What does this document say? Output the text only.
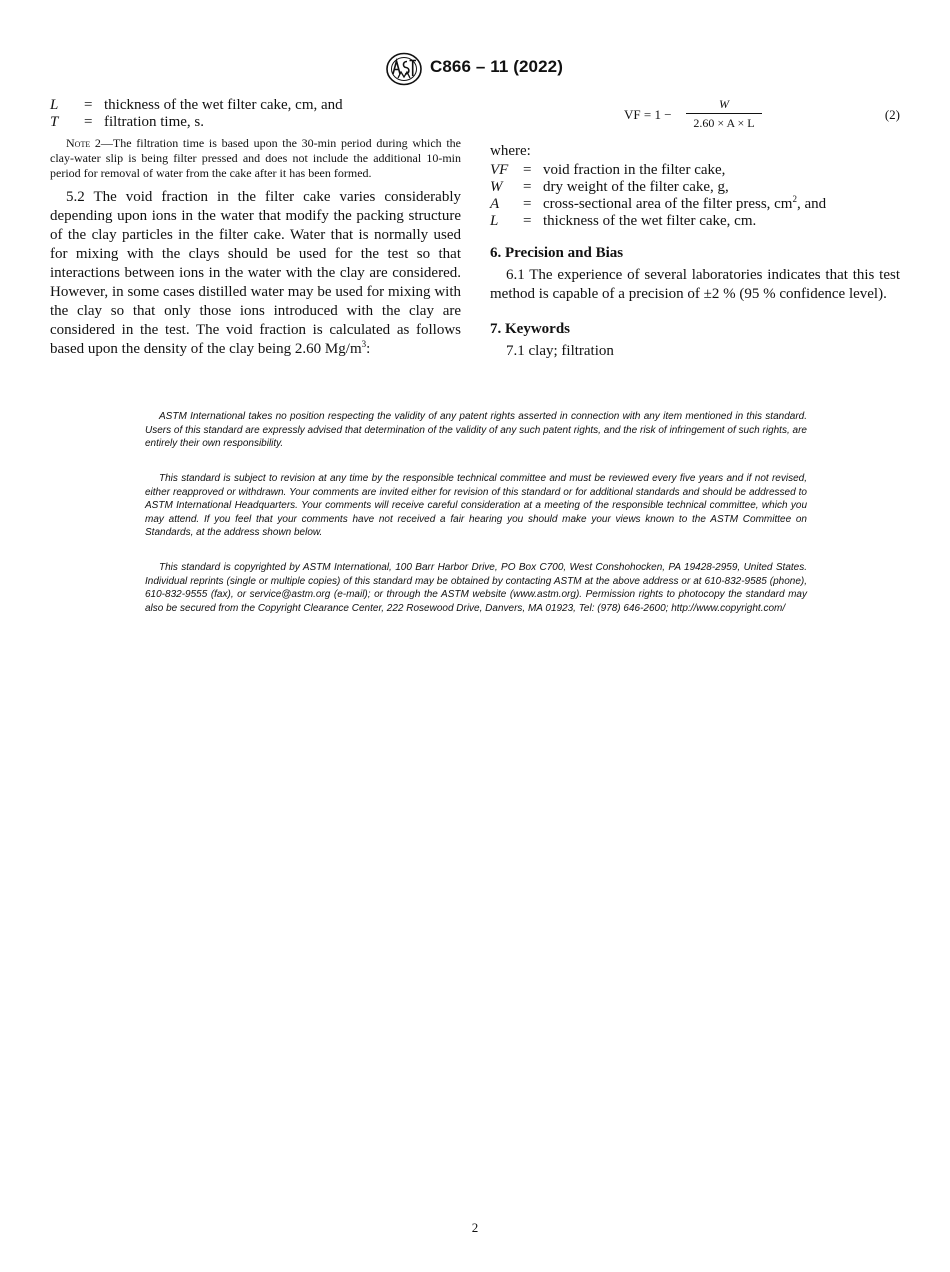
C866 – 11 (2022)
L = thickness of the wet filter cake, cm, and
T = filtration time, s.

Note 2—The filtration time is based upon the 30-min period during which the clay-water slip is being filter pressed and does not include the additional 10-min period for removal of water from the cake after it has been formed.

5.2 The void fraction in the filter cake varies considerably depending upon ions in the water that modify the packing structure of the clay particles in the filter cake. Water that is normally used for mixing with the clays should be used for the test so that interactions between ions in the water with the clay are considered. However, in some cases distilled water may be used for mixing with the clay so that only those ions introduced with the clay are considered in the test. The void fraction is calculated as follows based upon the density of the clay being 2.60 $Mg/m^3$:

VF = 1 −
W
2.60 × A × L
(2)
where:
VF = void fraction in the filter cake,
W = dry weight of the filter cake, g,
A = cross-sectional area of the filter press, $cm^2$, and
L = thickness of the wet filter cake, cm.
6. Precision and Bias

6.1 The experience of several laboratories indicates that this test method is capable of a precision of ±2 % (95 % confidence level).

7. Keywords

7.1 clay; filtration

ASTM International takes no position respecting the validity of any patent rights asserted in connection with any item mentioned in this standard. Users of this standard are expressly advised that determination of the validity of any such patent rights, and the risk of infringement of such rights, are entirely their own responsibility.

This standard is subject to revision at any time by the responsible technical committee and must be reviewed every five years and if not revised, either reapproved or withdrawn. Your comments are invited either for revision of this standard or for additional standards and should be addressed to ASTM International Headquarters. Your comments will receive careful consideration at a meeting of the responsible technical committee, which you may attend. If you feel that your comments have not received a fair hearing you should make your views known to the ASTM Committee on Standards, at the address shown below.

This standard is copyrighted by ASTM International, 100 Barr Harbor Drive, PO Box C700, West Conshohocken, PA 19428-2959, United States. Individual reprints (single or multiple copies) of this standard may be obtained by contacting ASTM at the above address or at 610-832-9585 (phone), 610-832-9555 (fax), or service@astm.org (e-mail); or through the ASTM website (www.astm.org). Permission rights to photocopy the standard may also be secured from the Copyright Clearance Center, 222 Rosewood Drive, Danvers, MA 01923, Tel: (978) 646-2600; http://www.copyright.com/

2
